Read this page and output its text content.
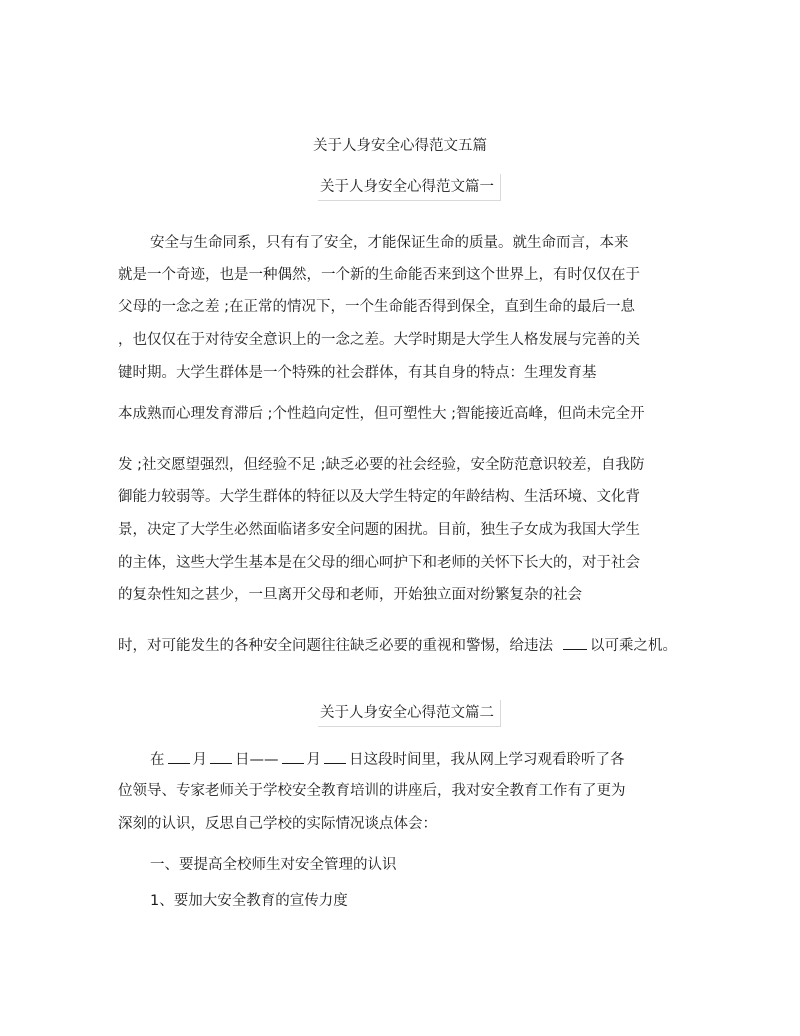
关于人身安全心得范文五篇
关于人身安全心得范文篇一
安全与生命同系，只有有了安全，才能保证生命的质量。就生命而言，本来
就是一个奇迹，也是一种偶然，一个新的生命能否来到这个世界上，有时仅仅在于
父母的一念之差 ;在正常的情况下，一个生命能否得到保全，直到生命的最后一息
，也仅仅在于对待安全意识上的一念之差。大学时期是大学生人格发展与完善的关
键时期。大学生群体是一个特殊的社会群体，有其自身的特点：生理发育基
本成熟而心理发育滞后 ;个性趋向定性，但可塑性大 ;智能接近高峰，但尚未完全开
发 ;社交愿望强烈，但经验不足 ;缺乏必要的社会经验，安全防范意识较差，自我防
御能力较弱等。大学生群体的特征以及大学生特定的年龄结构、生活环境、文化背
景，决定了大学生必然面临诸多安全问题的困扰。目前，独生子女成为我国大学生
的主体，这些大学生基本是在父母的细心呵护下和老师的关怀下长大的，对于社会
的复杂性知之甚少，一旦离开父母和老师，开始独立面对纷繁复杂的社会
时，对可能发生的各种安全问题往往缺乏必要的重视和警惕，给违法	以可乘之机。
关于人身安全心得范文篇二
在 月 日—— 月 日这段时间里，我从网上学习观看聆听了各
位领导、专家老师关于学校安全教育培训的讲座后，我对安全教育工作有了更为
深刻的认识，反思自己学校的实际情况谈点体会：
一、要提高全校师生对安全管理的认识
1、要加大安全教育的宣传力度
